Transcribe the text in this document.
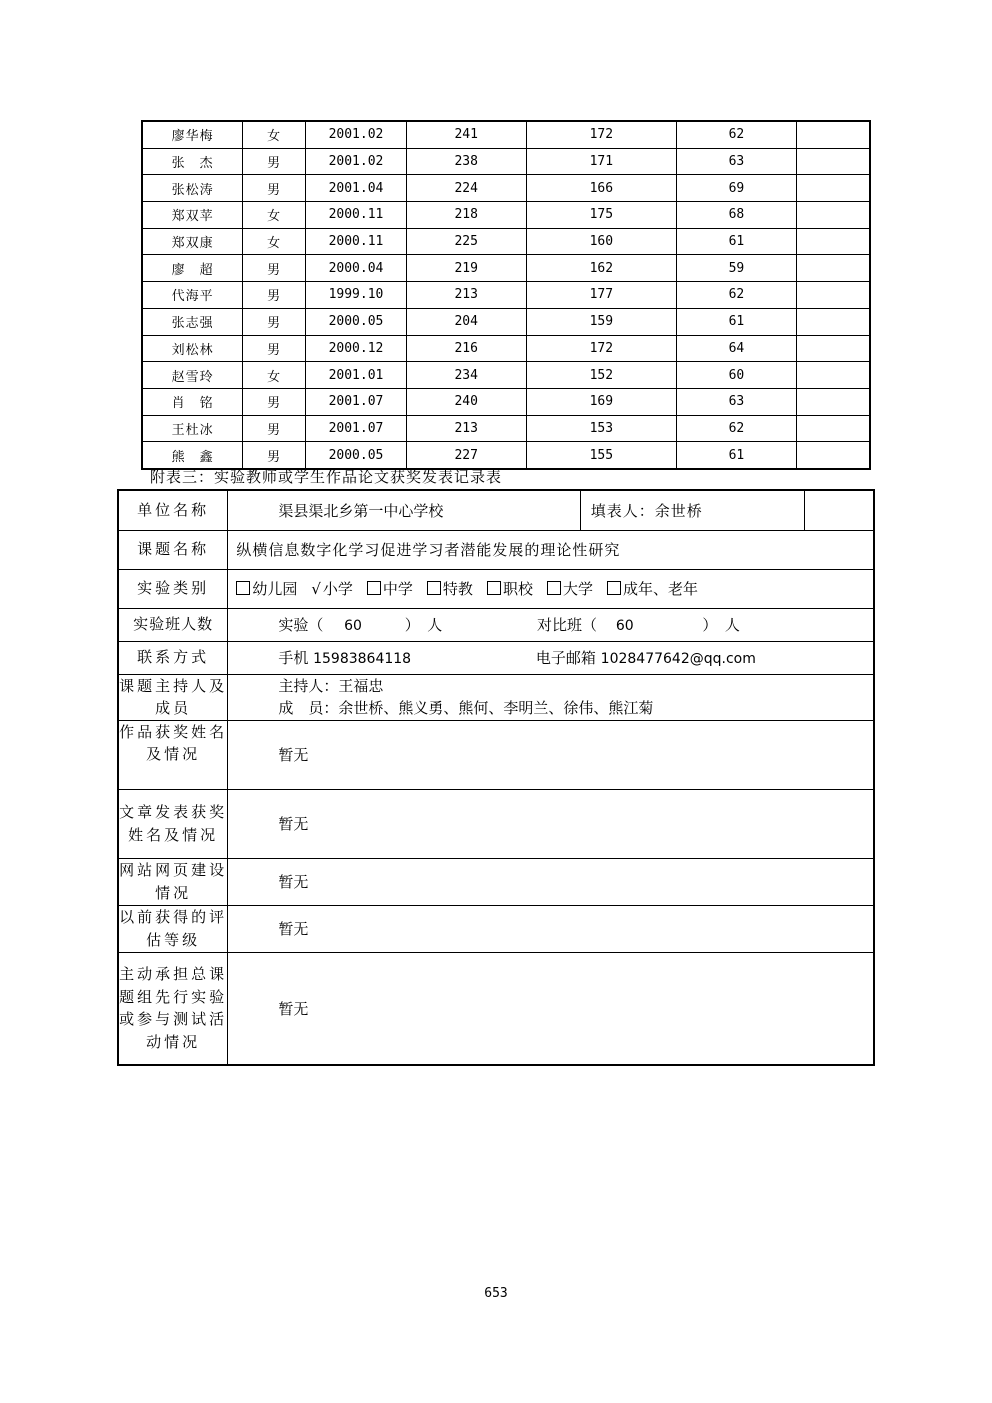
廖华梅	女	2001.02	241	172	62	
张　杰	男	2001.02	238	171	63	
张松涛	男	2001.04	224	166	69	
郑双苹	女	2000.11	218	175	68	
郑双康	女	2000.11	225	160	61	
廖　超	男	2000.04	219	162	59	
代海平	男	1999.10	213	177	62	
张志强	男	2000.05	204	159	61	
刘松林	男	2000.12	216	172	64	
赵雪玲	女	2001.01	234	152	60	
肖　铭	男	2001.07	240	169	63	
王杜冰	男	2001.07	213	153	62	
熊　鑫	男	2000.05	227	155	61	
附表三：实验教师或学生作品论文获奖发表记录表
单位名称	渠县渠北乡第一中心学校	填表人：余世桥	
课题名称	纵横信息数字化学习促进学习者潜能发展的理论性研究		
实验类别	幼儿园 √ 小学 中学 特教 职校 大学 成年、老年		
实验班人数	实验（ 60 ）　人 对比班（ 60 ）　人		
联系方式	手机 15983864118 电子邮箱 1028477642@qq.com		
课题主持人及成员	主持人：王福忠
成　员：余世桥、熊义勇、熊何、李明兰、徐伟、熊江菊		

作品获奖姓名及情况	暂无		
文章发表获奖姓名及情况	暂无		
网站网页建设情况	暂无		
以前获得的评估等级	暂无		
主动承担总课题组先行实验或参与测试活动情况	暂无		
653
